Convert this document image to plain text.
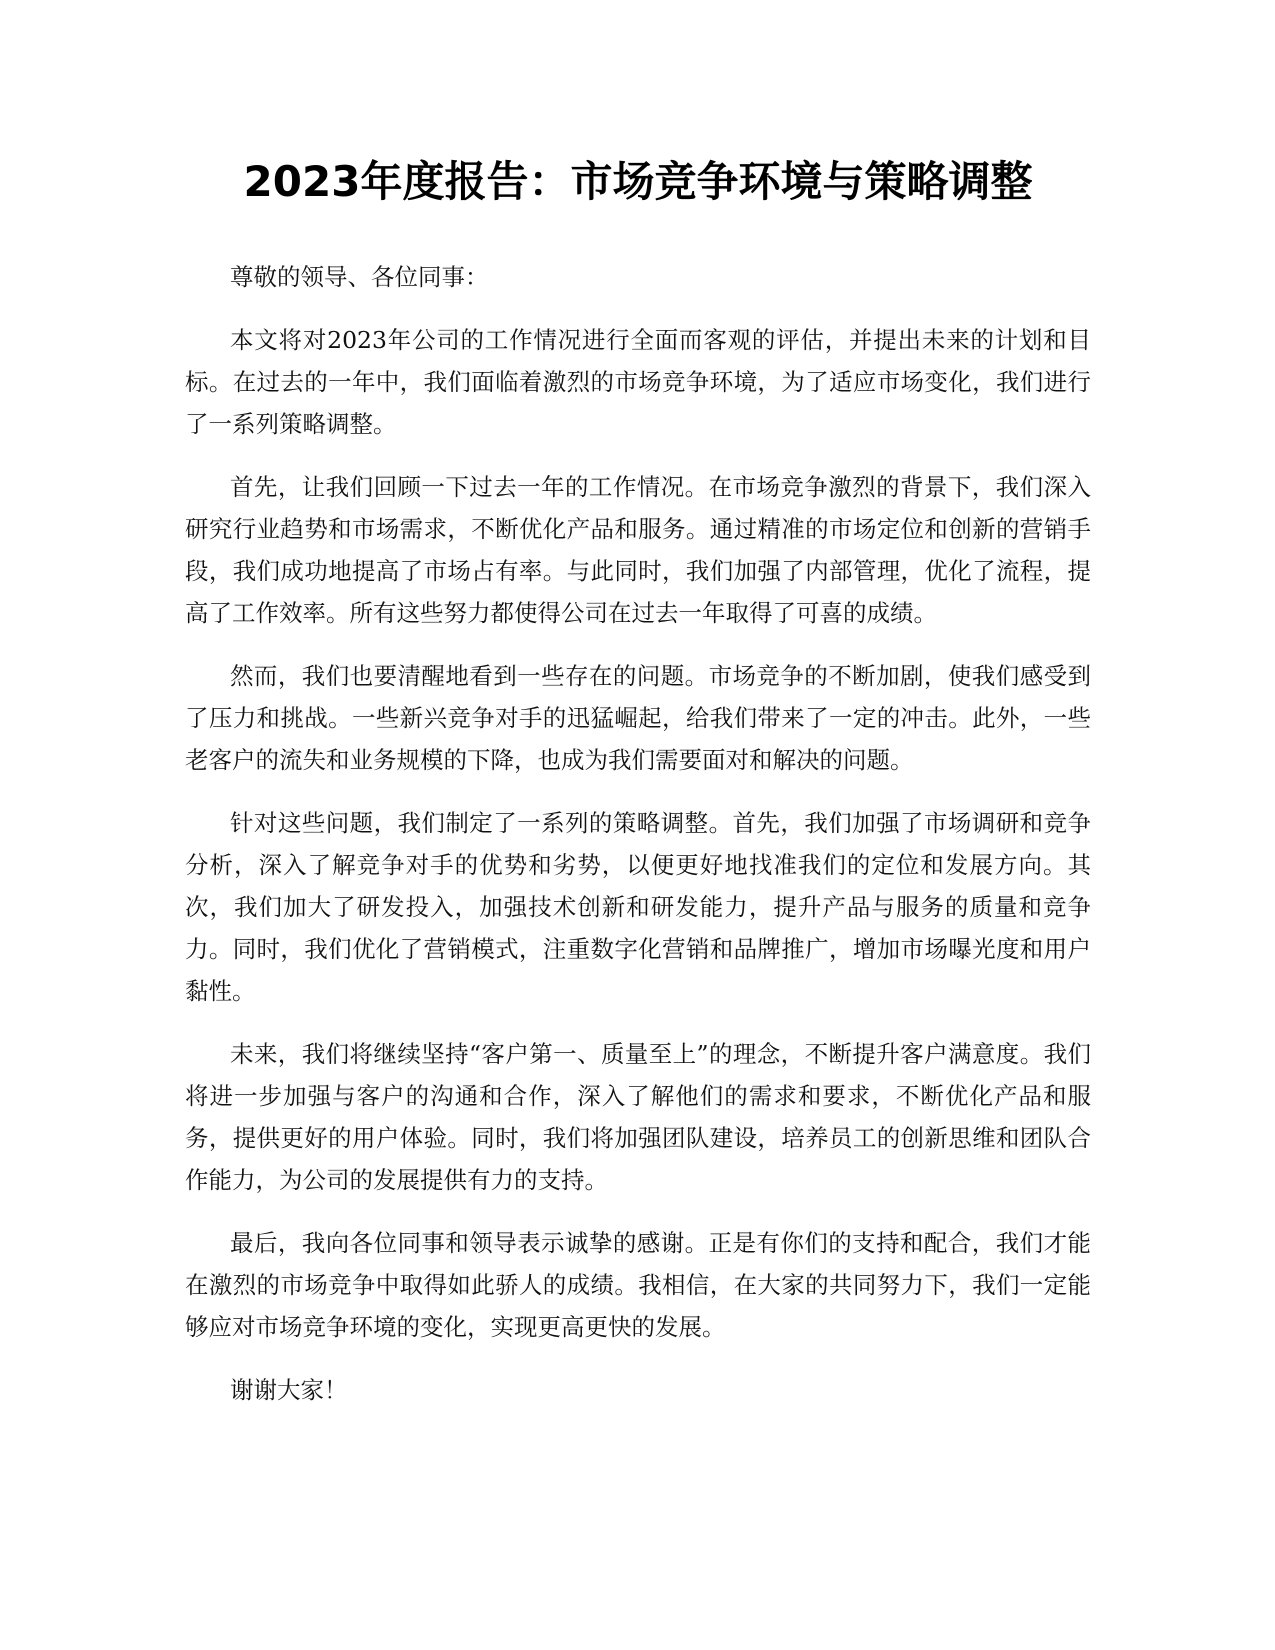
2023年度报告：市场竞争环境与策略调整

尊敬的领导、各位同事：

本文将对2023年公司的工作情况进行全面而客观的评估，并提出未来的计划和目标。在过去的一年中，我们面临着激烈的市场竞争环境，为了适应市场变化，我们进行了一系列策略调整。

首先，让我们回顾一下过去一年的工作情况。在市场竞争激烈的背景下，我们深入研究行业趋势和市场需求，不断优化产品和服务。通过精准的市场定位和创新的营销手段，我们成功地提高了市场占有率。与此同时，我们加强了内部管理，优化了流程，提高了工作效率。所有这些努力都使得公司在过去一年取得了可喜的成绩。

然而，我们也要清醒地看到一些存在的问题。市场竞争的不断加剧，使我们感受到了压力和挑战。一些新兴竞争对手的迅猛崛起，给我们带来了一定的冲击。此外，一些老客户的流失和业务规模的下降，也成为我们需要面对和解决的问题。

针对这些问题，我们制定了一系列的策略调整。首先，我们加强了市场调研和竞争分析，深入了解竞争对手的优势和劣势，以便更好地找准我们的定位和发展方向。其次，我们加大了研发投入，加强技术创新和研发能力，提升产品与服务的质量和竞争力。同时，我们优化了营销模式，注重数字化营销和品牌推广，增加市场曝光度和用户黏性。

未来，我们将继续坚持“客户第一、质量至上”的理念，不断提升客户满意度。我们将进一步加强与客户的沟通和合作，深入了解他们的需求和要求，不断优化产品和服务，提供更好的用户体验。同时，我们将加强团队建设，培养员工的创新思维和团队合作能力，为公司的发展提供有力的支持。

最后，我向各位同事和领导表示诚挚的感谢。正是有你们的支持和配合，我们才能在激烈的市场竞争中取得如此骄人的成绩。我相信，在大家的共同努力下，我们一定能够应对市场竞争环境的变化，实现更高更快的发展。

谢谢大家！
